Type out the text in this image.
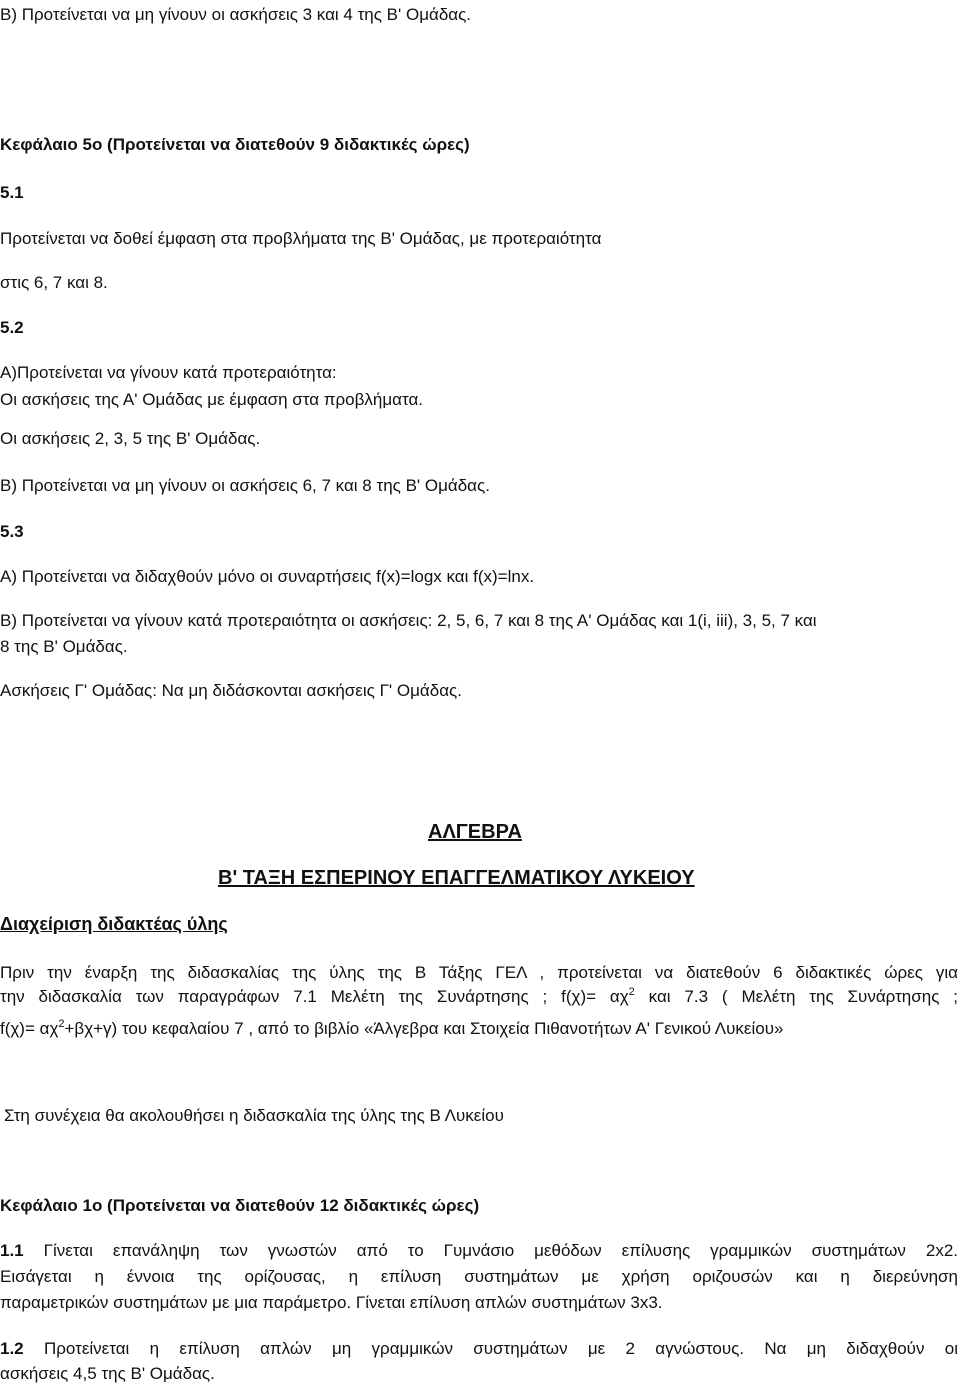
Β) Προτείνεται να μη γίνουν οι ασκήσεις 3 και 4 της Β' Ομάδας.
Κεφάλαιο 5ο (Προτείνεται να διατεθούν 9 διδακτικές ώρες)
5.1
Προτείνεται να δοθεί έμφαση στα προβλήματα της Β' Ομάδας, με προτεραιότητα
στις 6, 7 και 8.
5.2
Α)Προτείνεται να γίνουν κατά προτεραιότητα:
Οι ασκήσεις της Α' Ομάδας με έμφαση στα προβλήματα.
Οι ασκήσεις 2, 3, 5 της Β' Ομάδας.
Β) Προτείνεται να μη γίνουν οι ασκήσεις 6, 7 και 8 της Β' Ομάδας.
5.3
Α) Προτείνεται να διδαχθούν μόνο οι συναρτήσεις f(x)=logx και f(x)=lnx.
Β) Προτείνεται να γίνουν κατά προτεραιότητα οι ασκήσεις: 2, 5, 6, 7 και 8 της Α' Ομάδας και 1(i, iii), 3, 5, 7 και
8 της Β' Ομάδας.
Ασκήσεις Γ' Ομάδας: Να μη διδάσκονται ασκήσεις Γ' Ομάδας.
ΑΛΓΕΒΡΑ
Β' ΤΑΞΗ ΕΣΠΕΡΙΝΟΥ ΕΠΑΓΓΕΛΜΑΤΙΚΟΥ ΛΥΚΕΙΟΥ
Διαχείριση διδακτέας ύλης
Πριν την έναρξη της διδασκαλίας της ύλης της Β Τάξης ΓΕΛ , προτείνεται να διατεθούν 6 διδακτικές ώρες για
την διδασκαλία των παραγράφων 7.1 Μελέτη της Συνάρτησης ; $f(\chi)= \alpha\chi^2$ και 7.3 ( Μελέτη της Συνάρτησης ;
$f(\chi)= \alpha\chi^2+\beta\chi+\gamma$) του κεφαλαίου 7 , από το βιβλίο «Άλγεβρα και Στοιχεία Πιθανοτήτων Α' Γενικού Λυκείου»
Στη συνέχεια θα ακολουθήσει η διδασκαλία της ύλης της Β Λυκείου
Κεφάλαιο 1ο (Προτείνεται να διατεθούν 12 διδακτικές ώρες)
1.1 Γίνεται επανάληψη των γνωστών από το Γυμνάσιο μεθόδων επίλυσης γραμμικών συστημάτων 2x2.
Εισάγεται η έννοια της ορίζουσας, η επίλυση συστημάτων με χρήση οριζουσών και η διερεύνηση
παραμετρικών συστημάτων με μια παράμετρο. Γίνεται επίλυση απλών συστημάτων 3x3.
1.2 Προτείνεται η επίλυση απλών μη γραμμικών συστημάτων με 2 αγνώστους. Να μη διδαχθούν οι
ασκήσεις 4,5 της Β' Ομάδας.
